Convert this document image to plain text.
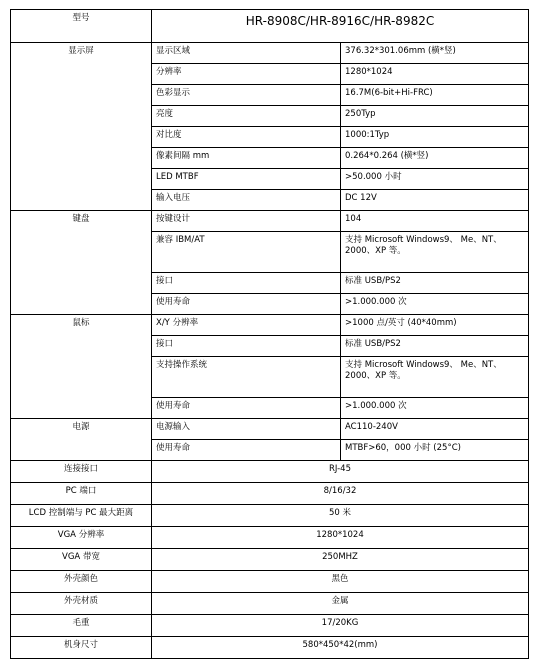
型号	HR-8908C/HR-8916C/HR-8982C	
显示屏	显示区域	376.32*301.06mm (横*竖)
	分辨率	1280*1024
	色彩显示	16.7M(6-bit+Hi-FRC)
	亮度	250Typ
	对比度	1000:1Typ
	像素间隔 mm	0.264*0.264 (横*竖)
	LED MTBF	>50.000 小时
	输入电压	DC 12V
键盘	按键设计	104
	兼容 IBM/AT	支持 Microsoft Windows9、 Me、NT、2000、XP 等。
	接口	标准 USB/PS2
	使用寿命	>1.000.000 次
鼠标	X/Y 分辨率	>1000 点/英寸 (40*40mm)
	接口	标准 USB/PS2
	支持操作系统	支持 Microsoft Windows9、 Me、NT、2000、XP 等。
	使用寿命	>1.000.000 次
电源	电源输入	AC110-240V
	使用寿命	MTBF>60，000 小时 (25°C)
连接接口	RJ-45	
PC 端口	8/16/32	
LCD 控制端与 PC 最大距离	50 米	
VGA 分辨率	1280*1024	
VGA 带宽	250MHZ	
外壳颜色	黑色	
外壳材质	金属	
毛重	17/20KG	
机身尺寸	580*450*42(mm)	
